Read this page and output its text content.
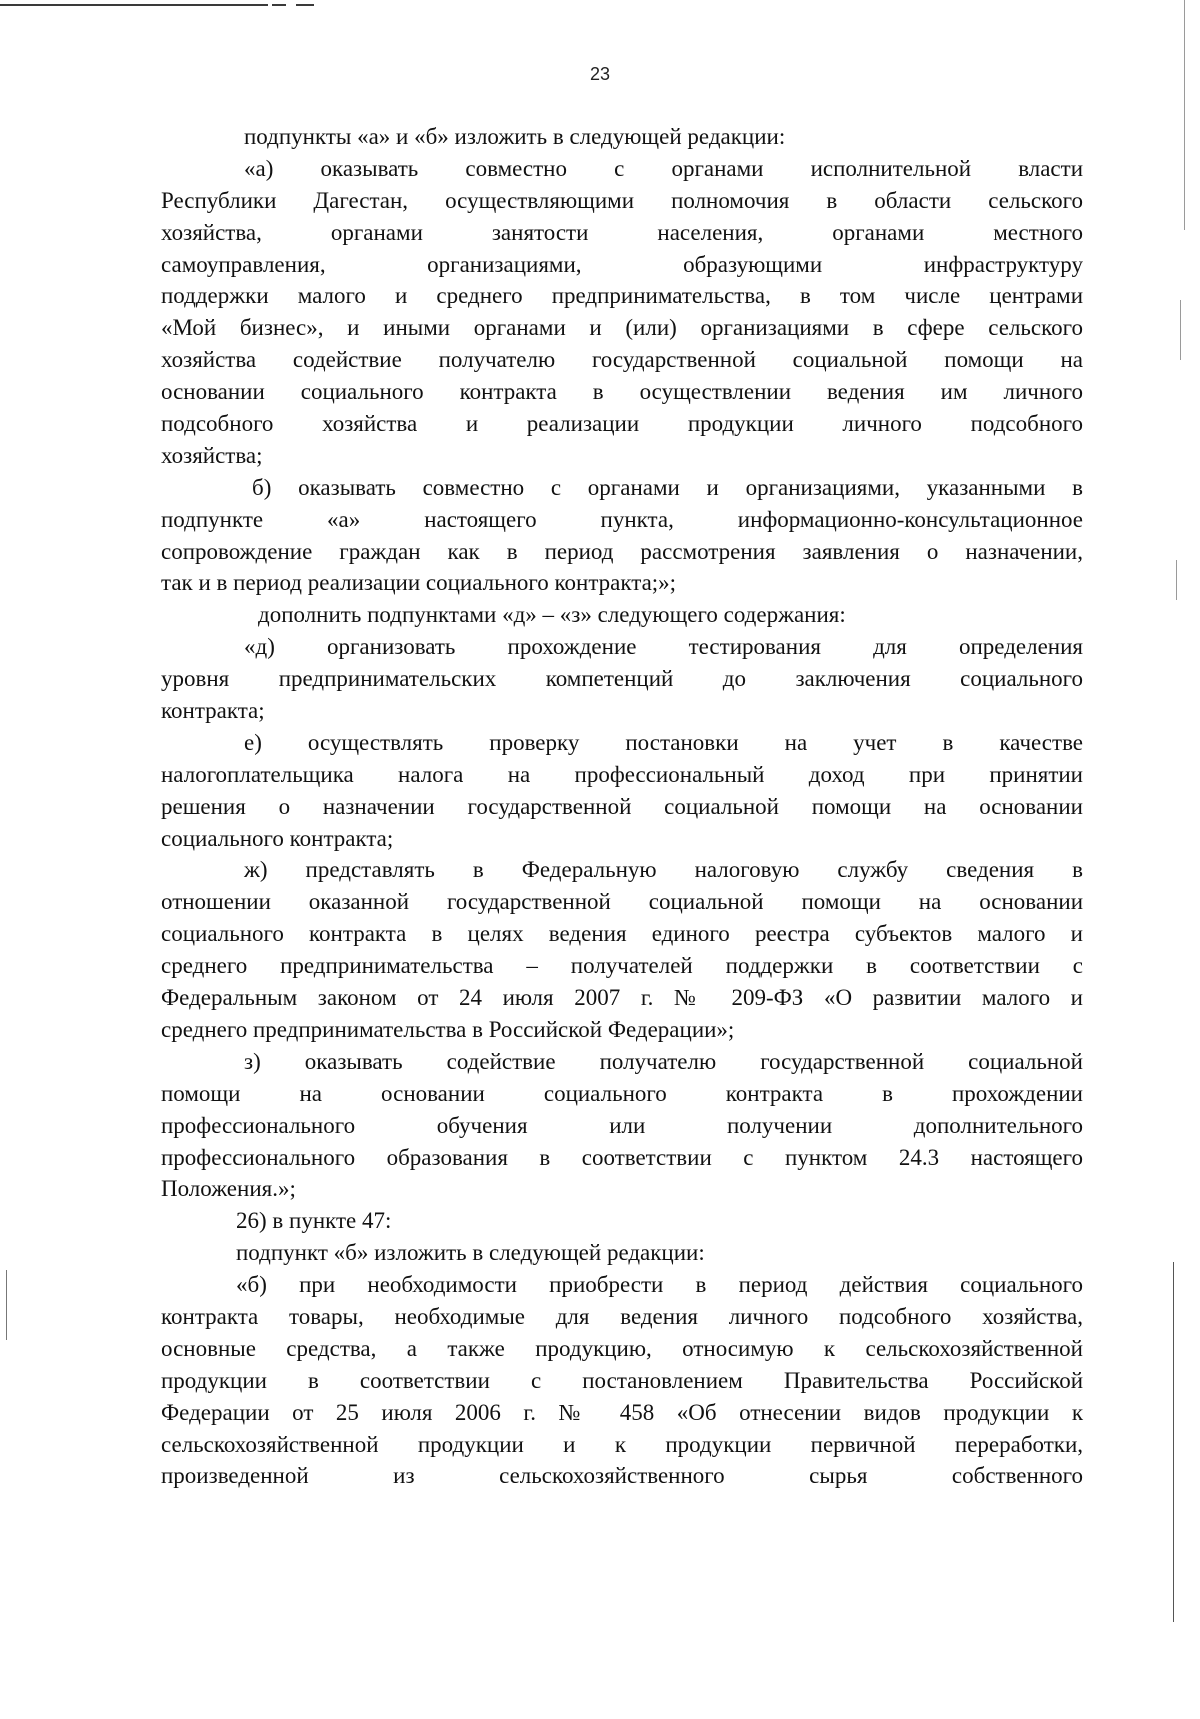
23

подпункты «а» и «б» изложить в следующей редакции:
«а) оказывать совместно с органами исполнительной власти
Республики Дагестан, осуществляющими полномочия в области сельского
хозяйства, органами занятости населения, органами местного
самоуправления, организациями, образующими инфраструктуру
поддержки малого и среднего предпринимательства, в том числе центрами
«Мой бизнес», и иными органами и (или) организациями в сфере сельского
хозяйства содействие получателю государственной социальной помощи на
основании социального контракта в осуществлении ведения им личного
подсобного хозяйства и реализации продукции личного подсобного
хозяйства;
б) оказывать совместно с органами и организациями, указанными в
подпункте «а» настоящего пункта, информационно-консультационное
сопровождение граждан как в период рассмотрения заявления о назначении,
так и в период реализации социального контракта;»;
дополнить подпунктами «д» – «з» следующего содержания:
«д) организовать прохождение тестирования для определения
уровня предпринимательских компетенций до заключения социального
контракта;
е) осуществлять проверку постановки на учет в качестве
налогоплательщика налога на профессиональный доход при принятии
решения о назначении государственной социальной помощи на основании
социального контракта;
ж) представлять в Федеральную налоговую службу сведения в
отношении оказанной государственной социальной помощи на основании
социального контракта в целях ведения единого реестра субъектов малого и
среднего предпринимательства – получателей поддержки в соответствии с
Федеральным законом от 24 июля 2007 г. № 209-ФЗ «О развитии малого и
среднего предпринимательства в Российской Федерации»;
з) оказывать содействие получателю государственной социальной
помощи на основании социального контракта в прохождении
профессионального обучения или получении дополнительного
профессионального образования в соответствии с пунктом 24.3 настоящего
Положения.»;
26) в пункте 47:
подпункт «б» изложить в следующей редакции:
«б) при необходимости приобрести в период действия социального
контракта товары, необходимые для ведения личного подсобного хозяйства,
основные средства, а также продукцию, относимую к сельскохозяйственной
продукции в соответствии с постановлением Правительства Российской
Федерации от 25 июля 2006 г. № 458 «Об отнесении видов продукции к
сельскохозяйственной продукции и к продукции первичной переработки,
произведенной из сельскохозяйственного сырья собственного
